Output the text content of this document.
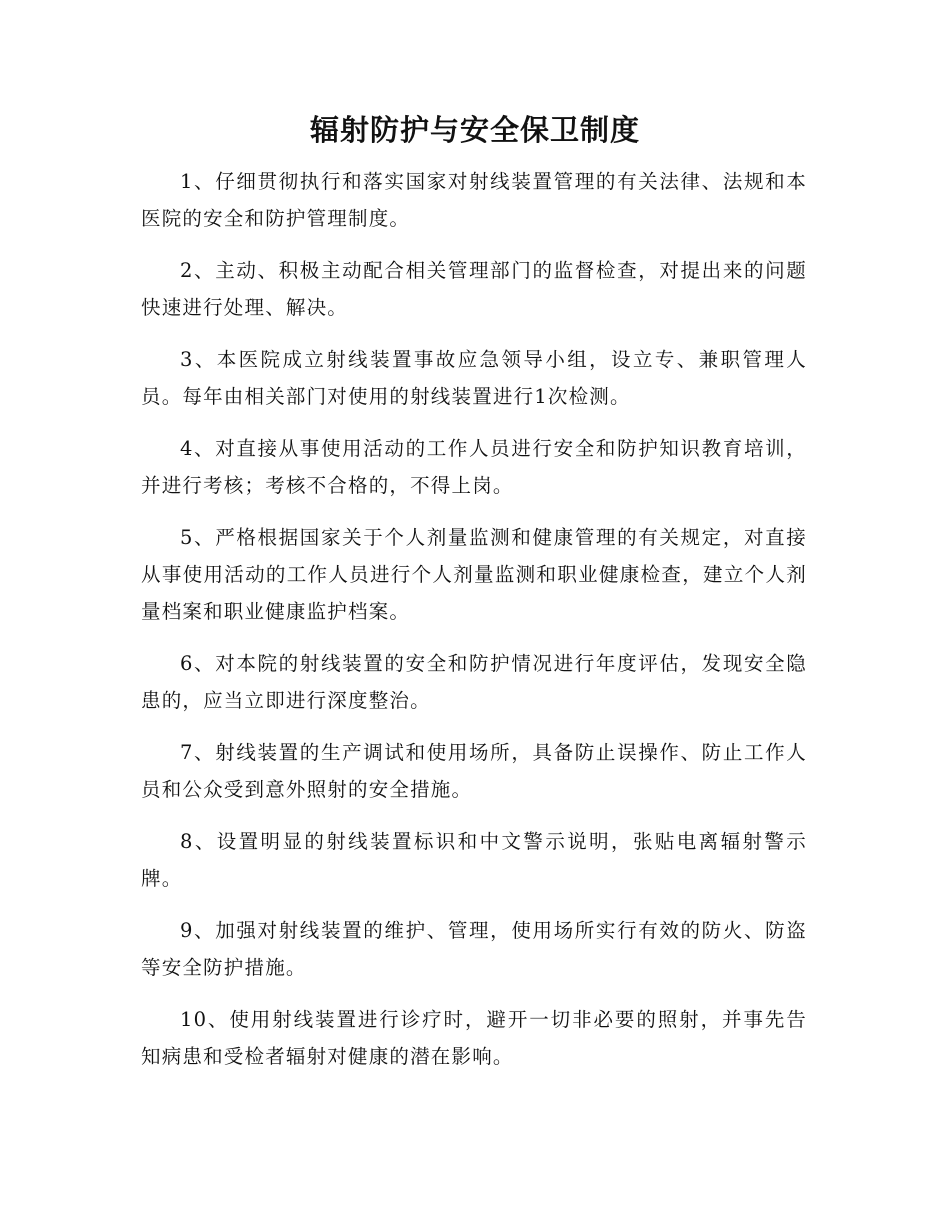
辐射防护与安全保卫制度

1、仔细贯彻执行和落实国家对射线装置管理的有关法律、法规和本医院的安全和防护管理制度。

2、主动、积极主动配合相关管理部门的监督检查，对提出来的问题快速进行处理、解决。

3、本医院成立射线装置事故应急领导小组，设立专、兼职管理人员。每年由相关部门对使用的射线装置进行1次检测。

4、对直接从事使用活动的工作人员进行安全和防护知识教育培训，并进行考核；考核不合格的，不得上岗。

5、严格根据国家关于个人剂量监测和健康管理的有关规定，对直接从事使用活动的工作人员进行个人剂量监测和职业健康检查，建立个人剂量档案和职业健康监护档案。

6、对本院的射线装置的安全和防护情况进行年度评估，发现安全隐患的，应当立即进行深度整治。

7、射线装置的生产调试和使用场所，具备防止误操作、防止工作人员和公众受到意外照射的安全措施。

8、设置明显的射线装置标识和中文警示说明，张贴电离辐射警示牌。

9、加强对射线装置的维护、管理，使用场所实行有效的防火、防盗等安全防护措施。

10、使用射线装置进行诊疗时，避开一切非必要的照射，并事先告知病患和受检者辐射对健康的潜在影响。
